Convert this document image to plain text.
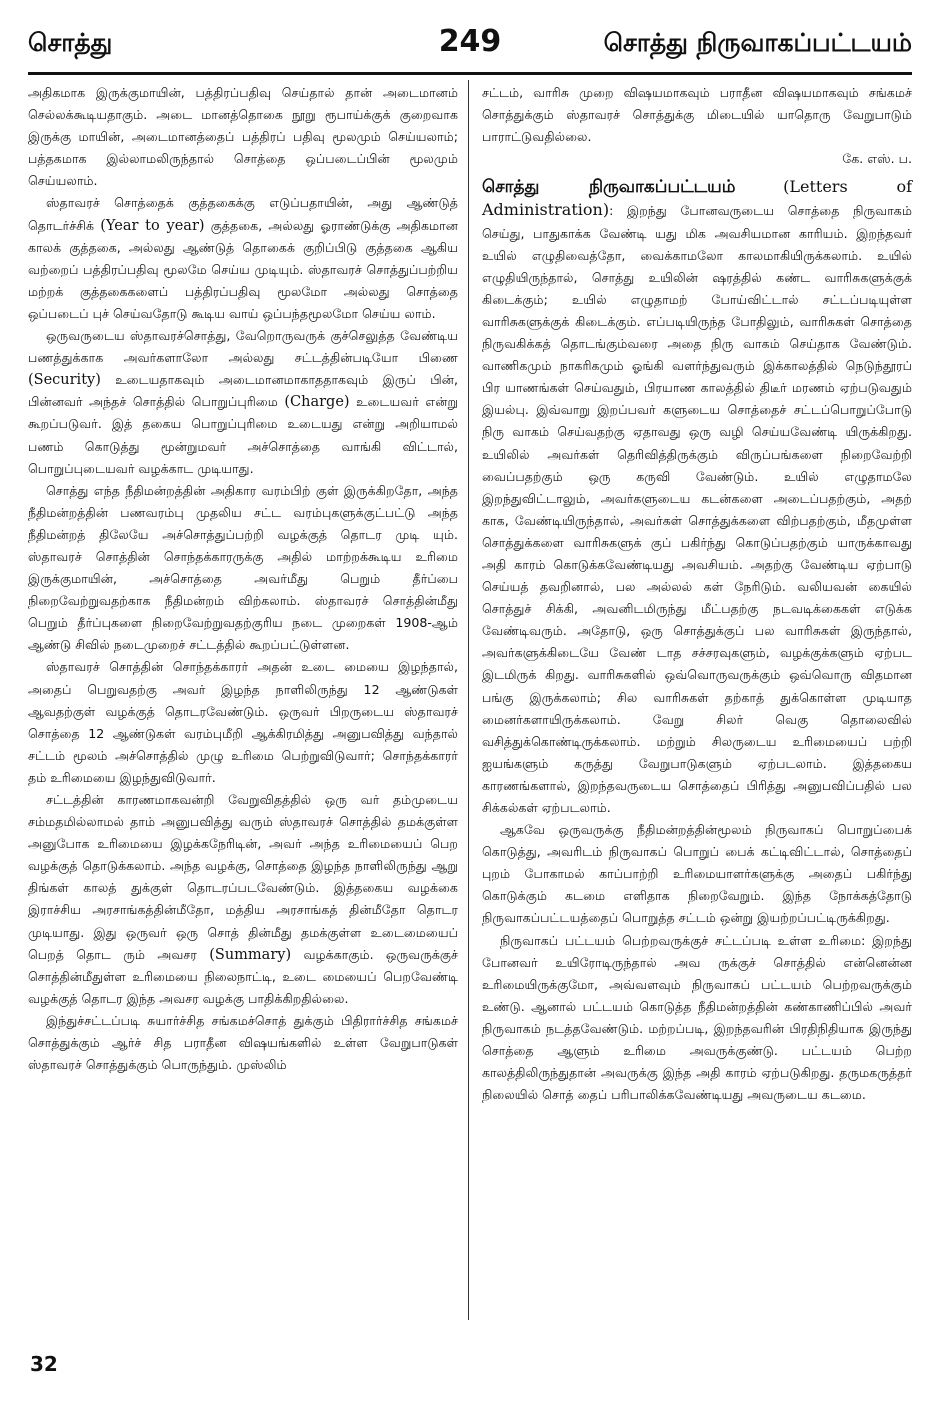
சொத்து	249	சொத்து நிருவாகப்பட்டயம்

அதிகமாக இருக்குமாயின், பத்திரப்பதிவு செய்தால் தான் அடைமானம் செல்லக்கூடியதாகும். அடை மானத்தொகை நூறு ரூபாய்க்குக் குறைவாக இருக்கு மாயின், அடைமானத்தைப் பத்திரப் பதிவு மூலமும் செய்யலாம்; பத்தகமாக இல்லாமலிருந்தால் சொத்தை ஒப்படைப்பின் மூலமும் செய்யலாம்.

ஸ்தாவரச் சொத்தைக் குத்தகைக்கு எடுப்பதாயின், அது ஆண்டுத் தொடர்ச்சிக் (Year to year) குத்தகை, அல்லது ஓராண்டுக்கு அதிகமான காலக் குத்தகை, அல்லது ஆண்டுத் தொகைக் குறிப்பிடு குத்தகை ஆகிய வற்றைப் பத்திரப்பதிவு மூலமே செய்ய முடியும். ஸ்தாவரச் சொத்துப்பற்றிய மற்றக் குத்தகைகளைப் பத்திரப்பதிவு மூலமோ அல்லது சொத்தை ஒப்படைப் புச் செய்வதோடு கூடிய வாய் ஒப்பந்தமூலமோ செய்ய லாம்.

ஒருவருடைய ஸ்தாவரச்சொத்து, வேறொருவருக் குச்செலுத்த வேண்டிய பணத்துக்காக அவர்களாலோ அல்லது சட்டத்தின்படியோ பிணை (Security) உடையதாகவும் அடைமானமாகாததாகவும் இருப் பின், பின்னவர் அந்தச் சொத்தில் பொறுப்புரிமை (Charge) உடையவர் என்று கூறப்படுவர். இத் தகைய பொறுப்புரிமை உடையது என்று அறியாமல் பணம் கொடுத்து மூன்றுமவர் அச்சொத்தை வாங்கி விட்டால், பொறுப்புடையவர் வழக்காட முடியாது.

சொத்து எந்த நீதிமன்றத்தின் அதிகார வரம்பிற் குள் இருக்கிறதோ, அந்த நீதிமன்றத்தின் பணவரம்பு முதலிய சட்ட வரம்புகளுக்குட்பட்டு அந்த நீதிமன்றத் திலேயே அச்சொத்துப்பற்றி வழக்குத் தொடர முடி யும். ஸ்தாவரச் சொத்தின் சொந்தக்காரருக்கு அதில் மாற்றக்கூடிய உரிமை இருக்குமாயின், அச்சொத்தை அவர்மீது பெறும் தீர்ப்பை நிறைவேற்றுவதற்காக நீதிமன்றம் விற்கலாம். ஸ்தாவரச் சொத்தின்மீது பெறும் தீர்ப்புகளை நிறைவேற்றுவதற்குரிய நடை முறைகள் 1908-ஆம் ஆண்டு சிவில் நடைமுறைச் சட்டத்தில் கூறப்பட்டுள்ளன.

ஸ்தாவரச் சொத்தின் சொந்தக்காரர் அதன் உடை மையை இழந்தால், அதைப் பெறுவதற்கு அவர் இழந்த நாளிலிருந்து 12 ஆண்டுகள் ஆவதற்குள் வழக்குத் தொடரவேண்டும். ஒருவர் பிறருடைய ஸ்தாவரச் சொத்தை 12 ஆண்டுகள் வரம்புமீறி ஆக்கிரமித்து அனுபவித்து வந்தால் சட்டம் மூலம் அச்சொத்தில் முழு உரிமை பெற்றுவிடுவார்; சொந்தக்காரர் தம் உரிமையை இழந்துவிடுவார்.

சட்டத்தின் காரணமாகவன்றி வேறுவிதத்தில் ஒரு வர் தம்முடைய சம்மதமில்லாமல் தாம் அனுபவித்து வரும் ஸ்தாவரச் சொத்தில் தமக்குள்ள அனுபோக உரிமையை இழக்கநேரிடின், அவர் அந்த உரிமையைப் பெற வழக்குத் தொடுக்கலாம். அந்த வழக்கு, சொத்தை இழந்த நாளிலிருந்து ஆறு திங்கள் காலத் துக்குள் தொடரப்படவேண்டும். இத்தகைய வழக்கை இராச்சிய அரசாங்கத்தின்மீதோ, மத்திய அரசாங்கத் தின்மீதோ தொடர முடியாது. இது ஒருவர் ஒரு சொத் தின்மீது தமக்குள்ள உடைமையைப் பெறத் தொட ரும் அவசர (Summary) வழக்காகும். ஒருவருக்குச் சொத்தின்மீதுள்ள உரிமையை நிலைநாட்டி, உடை மையைப் பெறவேண்டி வழக்குத் தொடர இந்த அவசர வழக்கு பாதிக்கிறதில்லை.

இந்துச்சட்டப்படி சுயார்ச்சித சங்கமச்சொத் துக்கும் பிதிரார்ச்சித சங்கமச் சொத்துக்கும் ஆர்ச் சித பராதீன விஷயங்களில் உள்ள வேறுபாடுகள் ஸ்தாவரச் சொத்துக்கும் பொருந்தும். முஸ்லிம்

சட்டம், வாரிசு முறை விஷயமாகவும் பராதீன விஷயமாகவும் சங்கமச் சொத்துக்கும் ஸ்தாவரச் சொத்துக்கு மிடையில் யாதொரு வேறுபாடும் பாராட்டுவதில்லை.

கே. எஸ். ப.

சொத்து நிருவாகப்பட்டயம்	(Letters of Administration): இறந்து போனவருடைய சொத்தை நிருவாகம் செய்து, பாதுகாக்க வேண்டி யது மிக அவசியமான காரியம். இறந்தவர் உயில் எழுதிவைத்தோ, வைக்காமலோ காலமாகியிருக்கலாம். உயில் எழுதியிருந்தால், சொத்து உயிலின் ஷரத்தில் கண்ட வாரிசுகளுக்குக் கிடைக்கும்; உயில் எழுதாமற் போய்விட்டால் சட்டப்படியுள்ள வாரிசுகளுக்குக் கிடைக்கும். எப்படியிருந்த போதிலும், வாரிசுகள் சொத்தை நிருவகிக்கத் தொடங்கும்வரை அதை நிரு வாகம் செய்தாக வேண்டும். வாணிகமும் நாகரிகமும் ஓங்கி வளர்ந்துவரும் இக்காலத்தில் நெடுந்தூரப் பிர யாணங்கள் செய்வதும், பிரயாண காலத்தில் திடீர் மரணம் ஏற்படுவதும் இயல்பு. இவ்வாறு இறப்பவர் களுடைய சொத்தைச் சட்டப்பொறுப்போடு நிரு வாகம் செய்வதற்கு ஏதாவது ஒரு வழி செய்யவேண்டி யிருக்கிறது. உயிலில் அவர்கள் தெரிவித்திருக்கும் விருப்பங்களை நிறைவேற்றி வைப்பதற்கும் ஒரு கருவி வேண்டும். உயில் எழுதாமலே இறந்துவிட்டாலும், அவர்களுடைய கடன்களை அடைப்பதற்கும், அதற் காக, வேண்டியிருந்தால், அவர்கள் சொத்துக்களை விற்பதற்கும், மீதமுள்ள சொத்துக்களை வாரிசுகளுக் குப் பகிர்ந்து கொடுப்பதற்கும் யாருக்காவது அதி காரம் கொடுக்கவேண்டியது அவசியம். அதற்கு வேண்டிய ஏற்பாடு செய்யத் தவறினால், பல அல்லல் கள் நேரிடும். வலியவன் கையில் சொத்துச் சிக்கி, அவனிடமிருந்து மீட்பதற்கு நடவடிக்கைகள் எடுக்க வேண்டிவரும். அதோடு, ஒரு சொத்துக்குப் பல வாரிசுகள் இருந்தால், அவர்களுக்கிடையே வேண் டாத சச்சரவுகளும், வழக்குக்களும் ஏற்பட இடமிருக் கிறது. வாரிசுகளில் ஒவ்வொருவருக்கும் ஒவ்வொரு விதமான பங்கு இருக்கலாம்; சில வாரிசுகள் தற்காத் துக்கொள்ள முடியாத மைனர்களாயிருக்கலாம். வேறு சிலர் வெகு தொலைவில் வசித்துக்கொண்டிருக்கலாம். மற்றும் சிலருடைய உரிமையைப் பற்றி ஐயங்களும் கருத்து வேறுபாடுகளும் ஏற்படலாம். இத்தகைய காரணங்களால், இறந்தவருடைய சொத்தைப் பிரித்து அனுபவிப்பதில் பல சிக்கல்கள் ஏற்படலாம்.

ஆகவே ஒருவருக்கு நீதிமன்றத்தின்மூலம் நிருவாகப் பொறுப்பைக் கொடுத்து, அவரிடம் நிருவாகப் பொறுப் பைக் கட்டிவிட்டால், சொத்தைப் புறம் போகாமல் காப்பாற்றி உரிமையாளர்களுக்கு அதைப் பகிர்ந்து கொடுக்கும் கடமை எளிதாக நிறைவேறும். இந்த நோக்கத்தோடு நிருவாகப்பட்டயத்தைப் பொறுத்த சட்டம் ஒன்று இயற்றப்பட்டிருக்கிறது.

நிருவாகப் பட்டயம் பெற்றவருக்குச் சட்டப்படி உள்ள உரிமை: இறந்து போனவர் உயிரோடிருந்தால் அவ ருக்குச் சொத்தில் என்னென்ன உரிமையிருக்குமோ, அவ்வளவும் நிருவாகப் பட்டயம் பெற்றவருக்கும் உண்டு. ஆனால் பட்டயம் கொடுத்த நீதிமன்றத்தின் கண்காணிப்பில் அவர் நிருவாகம் நடத்தவேண்டும். மற்றப்படி, இறந்தவரின் பிரதிநிதியாக இருந்து சொத்தை ஆளும் உரிமை அவருக்குண்டு. பட்டயம் பெற்ற காலத்திலிருந்துதான் அவருக்கு இந்த அதி காரம் ஏற்படுகிறது. தருமகருத்தர் நிலையில் சொத் தைப் பரிபாலிக்கவேண்டியது அவருடைய கடமை.

32
